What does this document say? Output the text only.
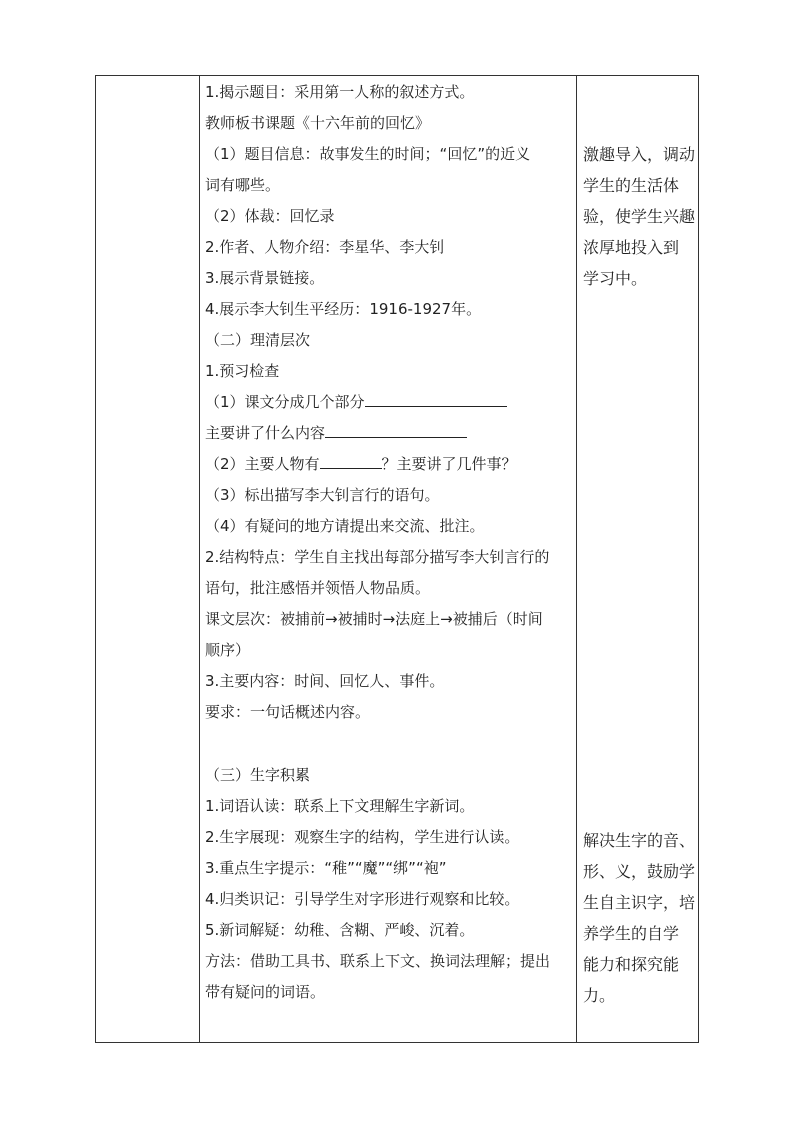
1.揭示题目：采用第一人称的叙述方式。
教师板书课题《十六年前的回忆》
（1）题目信息：故事发生的时间；“回忆”的近义
词有哪些。
（2）体裁：回忆录
2.作者、人物介绍：李星华、李大钊
3.展示背景链接。
4.展示李大钊生平经历：1916-1927年。
（二）理清层次
1.预习检查
（1）课文分成几个部分
主要讲了什么内容
（2）主要人物有	？主要讲了几件事？
（3）标出描写李大钊言行的语句。
（4）有疑问的地方请提出来交流、批注。
2.结构特点：学生自主找出每部分描写李大钊言行的
语句，批注感悟并领悟人物品质。
课文层次：被捕前→被捕时→法庭上→被捕后（时间
顺序）
3.主要内容：时间、回忆人、事件。
要求：一句话概述内容。
（三）生字积累
1.词语认读：联系上下文理解生字新词。
2.生字展现：观察生字的结构，学生进行认读。
3.重点生字提示：“稚”“魔”“绑”“袍”
4.归类识记：引导学生对字形进行观察和比较。
5.新词解疑：幼稚、含糊、严峻、沉着。
方法：借助工具书、联系上下文、换词法理解；提出
带有疑问的词语。
激趣导入，调动
学生的生活体
验，使学生兴趣
浓厚地投入到
学习中。
解决生字的音、
形、义，鼓励学
生自主识字，培
养学生的自学
能力和探究能
力。
